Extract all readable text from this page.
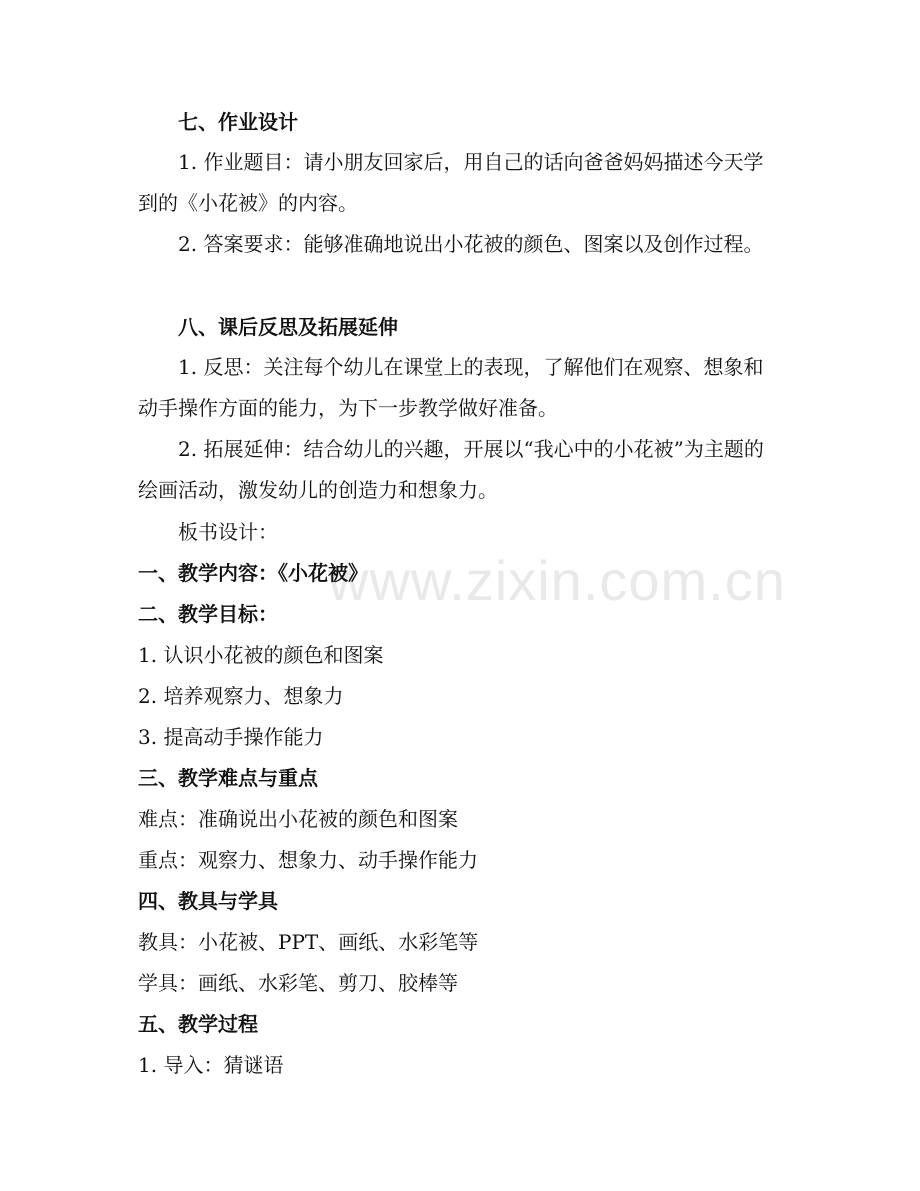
www.zixin.com.cn
七、作业设计
1. 作业题目：请小朋友回家后，用自己的话向爸爸妈妈描述今天学到的《小花被》的内容。
2. 答案要求：能够准确地说出小花被的颜色、图案以及创作过程。
八、课后反思及拓展延伸
1. 反思：关注每个幼儿在课堂上的表现，了解他们在观察、想象和动手操作方面的能力，为下一步教学做好准备。
2. 拓展延伸：结合幼儿的兴趣，开展以“我心中的小花被”为主题的绘画活动，激发幼儿的创造力和想象力。
板书设计：
一、教学内容：《小花被》
二、教学目标：
1. 认识小花被的颜色和图案
2. 培养观察力、想象力
3. 提高动手操作能力
三、教学难点与重点
难点：准确说出小花被的颜色和图案
重点：观察力、想象力、动手操作能力
四、教具与学具
教具：小花被、PPT、画纸、水彩笔等
学具：画纸、水彩笔、剪刀、胶棒等
五、教学过程
1. 导入：猜谜语
